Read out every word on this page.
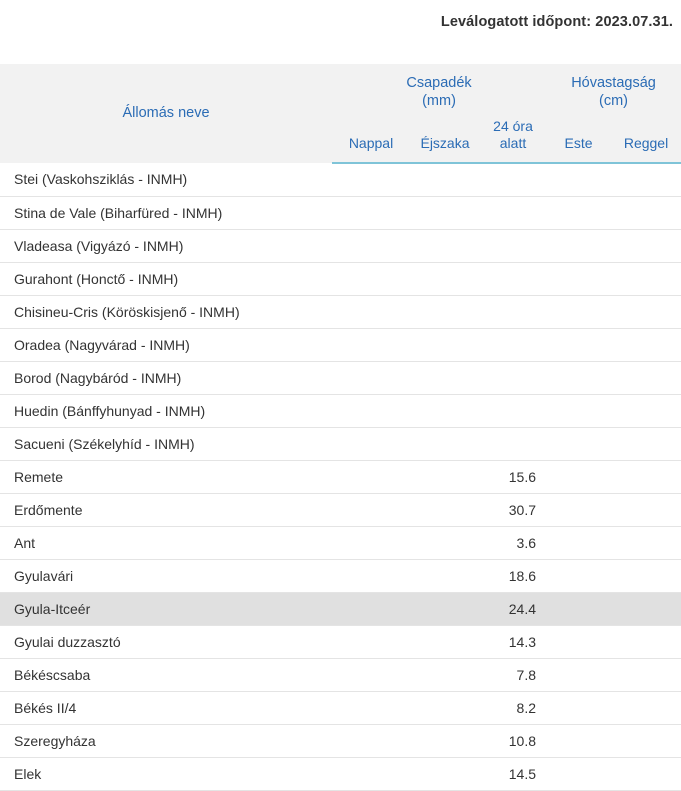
Leválogatott időpont: 2023.07.31.
Állomás neve	Csapadék
(mm)			Hóvastagság
(cm)	

	Nappal	Éjszaka	24 óra alatt	Este	Reggel
Stei (Vaskohsziklás - INMH)					
Stina de Vale (Biharfüred - INMH)					
Vladeasa (Vigyázó - INMH)					
Gurahont (Honctő - INMH)					
Chisineu-Cris (Köröskisjenő - INMH)					
Oradea (Nagyvárad - INMH)					
Borod (Nagybáród - INMH)					
Huedin (Bánffyhunyad - INMH)					
Sacueni (Székelyhíd - INMH)					
Remete			15.6		
Erdőmente			30.7		
Ant			3.6		
Gyulavári			18.6		
Gyula-Itceér			24.4		
Gyulai duzzasztó			14.3		
Békéscsaba			7.8		
Békés II/4			8.2		
Szeregyháza			10.8		
Elek			14.5		
